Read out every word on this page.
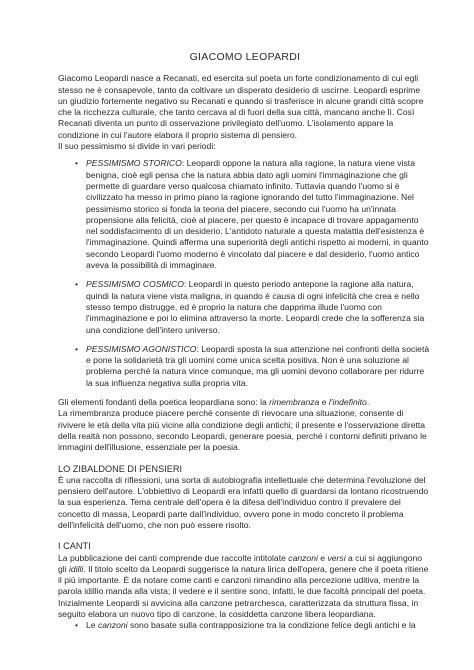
GIACOMO LEOPARDI

Giacomo Leopardi nasce a Recanati, ed esercita sul poeta un forte condizionamento di cui egli stesso ne è consapevole, tanto da coltivare un disperato desiderio di uscirne. Leopardi esprime un giudizio fortemente negativo su Recanati e quando si trasferisce in alcune grandi città scopre che la ricchezza culturale, che tanto cercava al di fuori della sua città, mancano anche lì. Così Recanati diventa un punto di osservazione privilegiato dell'uomo. L'isolamento appare la condizione in cui l'autore elabora il proprio sistema di pensiero.

Il suo pessimismo si divide in vari periodi:

• PESSIMISMO STORICO: Leopardi oppone la natura alla ragione, la natura viene vista benigna, cioè egli pensa che la natura abbia dato agli uomini l'immaginazione che gli permette di guardare verso qualcosa chiamato infinito. Tuttavia quando l'uomo si è civilizzato ha messo in primo piano la ragione ignorando del tutto l'immaginazione. Nel pessimismo storico si fonda la teoria del piacere, secondo cui l'uomo ha un'innata propensione alla felicità, cioè al piacere, per questo è incapace di trovare appagamento nel soddisfacimento di un desiderio. L'antidoto naturale a questa malattia dell'esistenza è l'immaginazione. Quindi afferma una superiorità degli antichi rispetto ai moderni, in quanto secondo Leopardi l'uomo moderno è vincolato dal piacere e dal desiderio, l'uomo antico aveva la possibilità di immaginare.
• PESSIMISMO COSMICO: Leopardi in questo periodo antepone la ragione alla natura, quindi la natura viene vista maligna, in quando è causa di ogni infelicità che crea e nello stesso tempo distrugge, ed è proprio la natura che dapprima illude l'uomo con l'immaginazione e poi lo elimina attraverso la morte. Leopardi crede che la sofferenza sia una condizione dell'intero universo.
• PESSIMISMO AGONISTICO: Leopardi sposta la sua attenzione nei confronti della società e pone la solidarietà tra gli uomini come unica scelta positiva. Non è una soluzione al problema perché la natura vince comunque, ma gli uomini devono collaborare per ridurre la sua influenza negativa sulla propria vita.

Gli elementi fondanti della poetica leopardiana sono: la rimembranza e l'indefinito.

La rimembranza produce piacere perché consente di rievocare una situazione, consente di rivivere le età della vita più vicine alla condizione degli antichi; il presente e l'osservazione diretta della realtà non possono, secondo Leopardi, generare poesia, perché i contorni definiti privano le immagini dell'illusione, essenziale per la poesia.

LO ZIBALDONE DI PENSIERI

È una raccolta di riflessioni, una sorta di autobiografia intellettuale che determina l'evoluzione del pensiero dell'autore. L'obbiettivo di Leopardi era infatti quello di guardarsi da lontano ricostruendo la sua esperienza. Tema centrale dell'opera è la difesa dell'individuo contro il prevalere del concetto di massa, Leopardi parte dall'individuo, ovvero pone in modo concreto il problema dell'infelicità dell'uomo, che non può essere risolto.

I CANTI

La pubblicazione dei canti comprende due raccolte intitolate canzoni e versi a cui si aggiungono gli idilli. Il titolo scelto da Leopardi suggerisce la natura lirica dell'opera, genere che il poeta ritiene il più importante. È da notare come canti e canzoni rimandino alla percezione uditiva, mentre la parola idillio manda alla vista; il vedere e il sentire sono, infatti, le due facoltà principali del poeta. Inizialmente Leopardi si avvicina alla canzone petrarchesca, caratterizzata da struttura fissa, in seguito elabora un nuovo tipo di canzone, la cosiddetta canzone libera leopardiana.

• Le canzoni sono basate sulla contrapposizione tra la condizione felice degli antichi e la
